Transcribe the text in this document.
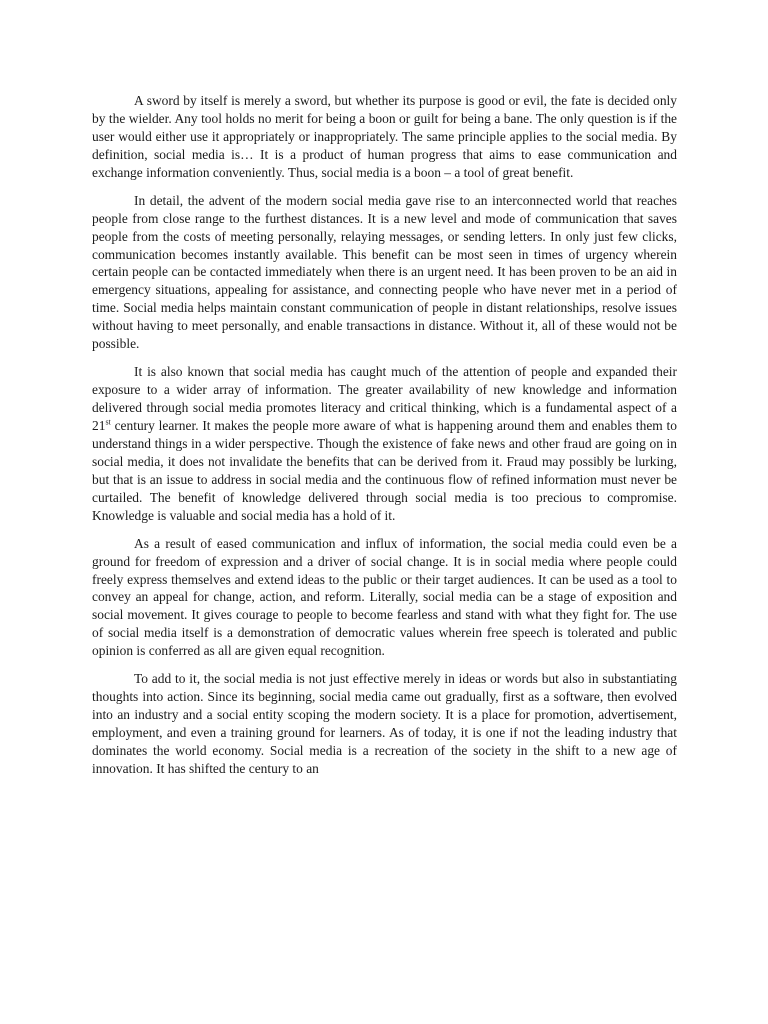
A sword by itself is merely a sword, but whether its purpose is good or evil, the fate is decided only by the wielder. Any tool holds no merit for being a boon or guilt for being a bane. The only question is if the user would either use it appropriately or inappropriately. The same principle applies to the social media. By definition, social media is… It is a product of human progress that aims to ease communication and exchange information conveniently. Thus, social media is a boon – a tool of great benefit.

In detail, the advent of the modern social media gave rise to an interconnected world that reaches people from close range to the furthest distances. It is a new level and mode of communication that saves people from the costs of meeting personally, relaying messages, or sending letters. In only just few clicks, communication becomes instantly available. This benefit can be most seen in times of urgency wherein certain people can be contacted immediately when there is an urgent need. It has been proven to be an aid in emergency situations, appealing for assistance, and connecting people who have never met in a period of time. Social media helps maintain constant communication of people in distant relationships, resolve issues without having to meet personally, and enable transactions in distance. Without it, all of these would not be possible.

It is also known that social media has caught much of the attention of people and expanded their exposure to a wider array of information. The greater availability of new knowledge and information delivered through social media promotes literacy and critical thinking, which is a fundamental aspect of a 21st century learner. It makes the people more aware of what is happening around them and enables them to understand things in a wider perspective. Though the existence of fake news and other fraud are going on in social media, it does not invalidate the benefits that can be derived from it. Fraud may possibly be lurking, but that is an issue to address in social media and the continuous flow of refined information must never be curtailed. The benefit of knowledge delivered through social media is too precious to compromise. Knowledge is valuable and social media has a hold of it.

As a result of eased communication and influx of information, the social media could even be a ground for freedom of expression and a driver of social change. It is in social media where people could freely express themselves and extend ideas to the public or their target audiences. It can be used as a tool to convey an appeal for change, action, and reform. Literally, social media can be a stage of exposition and social movement. It gives courage to people to become fearless and stand with what they fight for. The use of social media itself is a demonstration of democratic values wherein free speech is tolerated and public opinion is conferred as all are given equal recognition.

To add to it, the social media is not just effective merely in ideas or words but also in substantiating thoughts into action. Since its beginning, social media came out gradually, first as a software, then evolved into an industry and a social entity scoping the modern society. It is a place for promotion, advertisement, employment, and even a training ground for learners. As of today, it is one if not the leading industry that dominates the world economy. Social media is a recreation of the society in the shift to a new age of innovation. It has shifted the century to an
